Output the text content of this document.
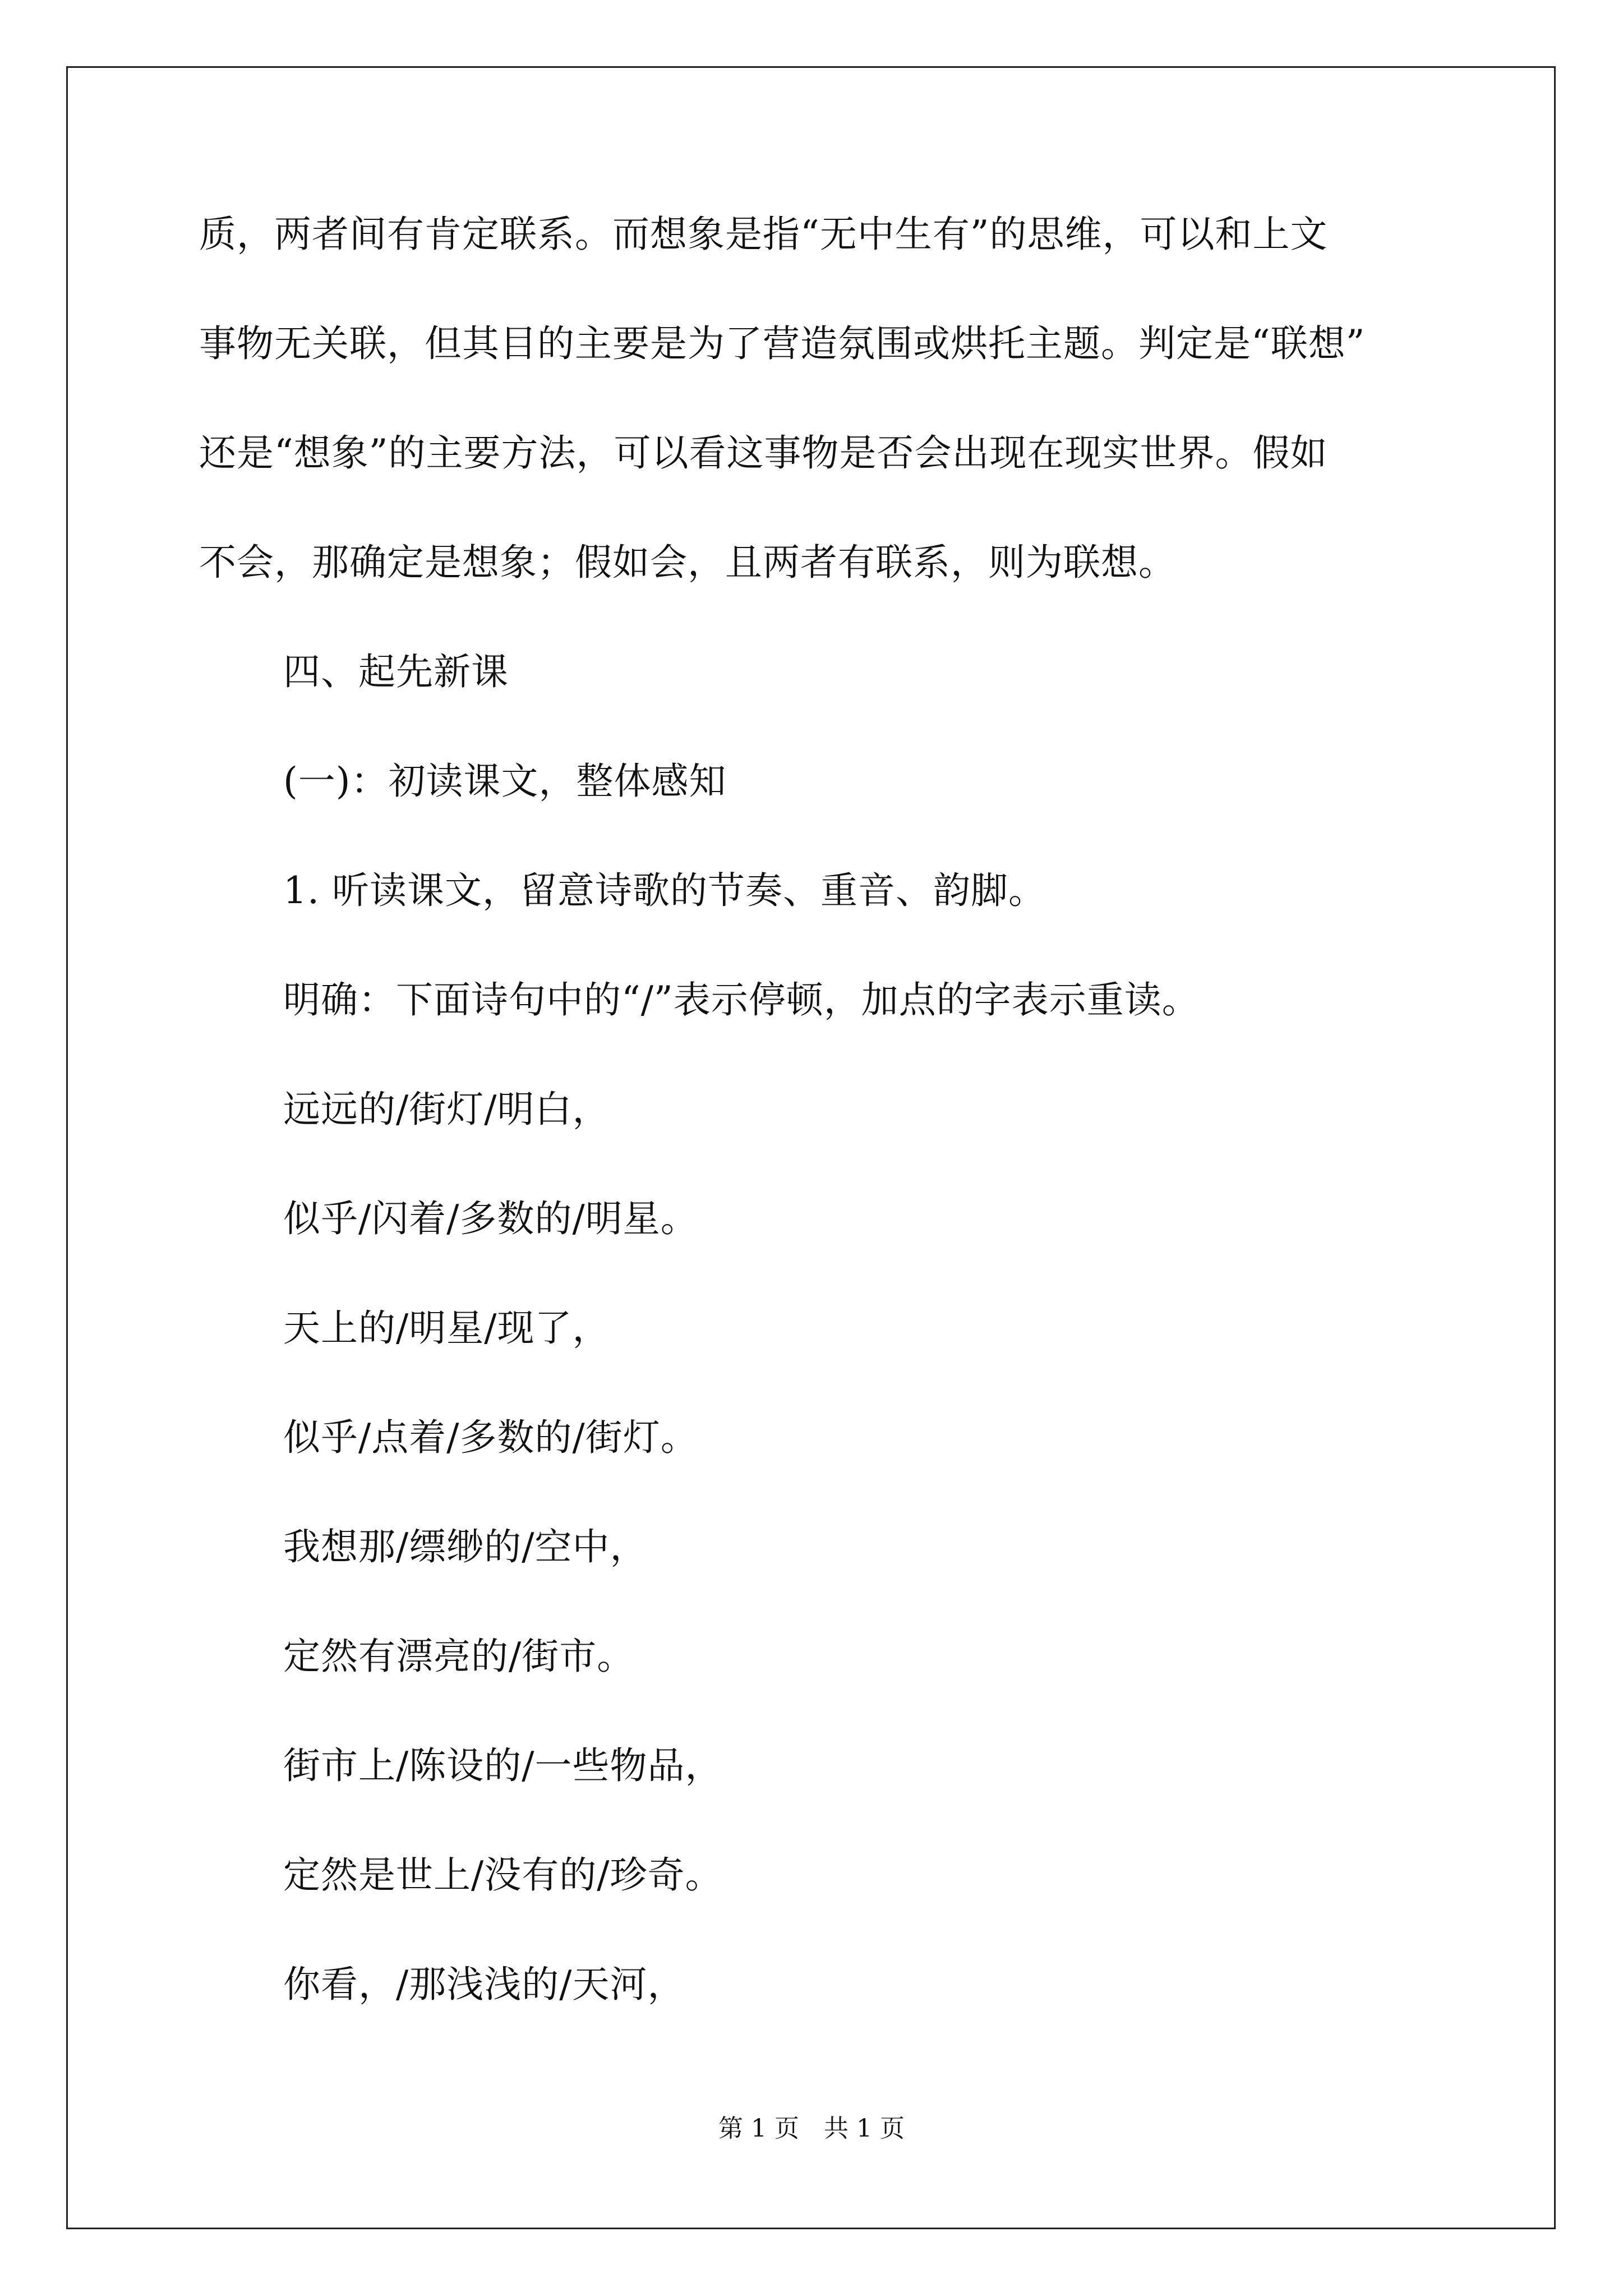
质，两者间有肯定联系。而想象是指“无中生有”的思维，可以和上文

事物无关联，但其目的主要是为了营造氛围或烘托主题。判定是“联想”

还是“想象”的主要方法，可以看这事物是否会出现在现实世界。假如

不会，那确定是想象；假如会，且两者有联系，则为联想。

四、起先新课

(一)：初读课文，整体感知

1. 听读课文，留意诗歌的节奏、重音、韵脚。

明确：下面诗句中的“/”表示停顿，加点的字表示重读。

远远的/街灯/明白，

似乎/闪着/多数的/明星。

天上的/明星/现了，

似乎/点着/多数的/街灯。

我想那/缥缈的/空中，

定然有漂亮的/街市。

街市上/陈设的/一些物品，

定然是世上/没有的/珍奇。

你看，/那浅浅的/天河，

第 1 页　共 1 页
